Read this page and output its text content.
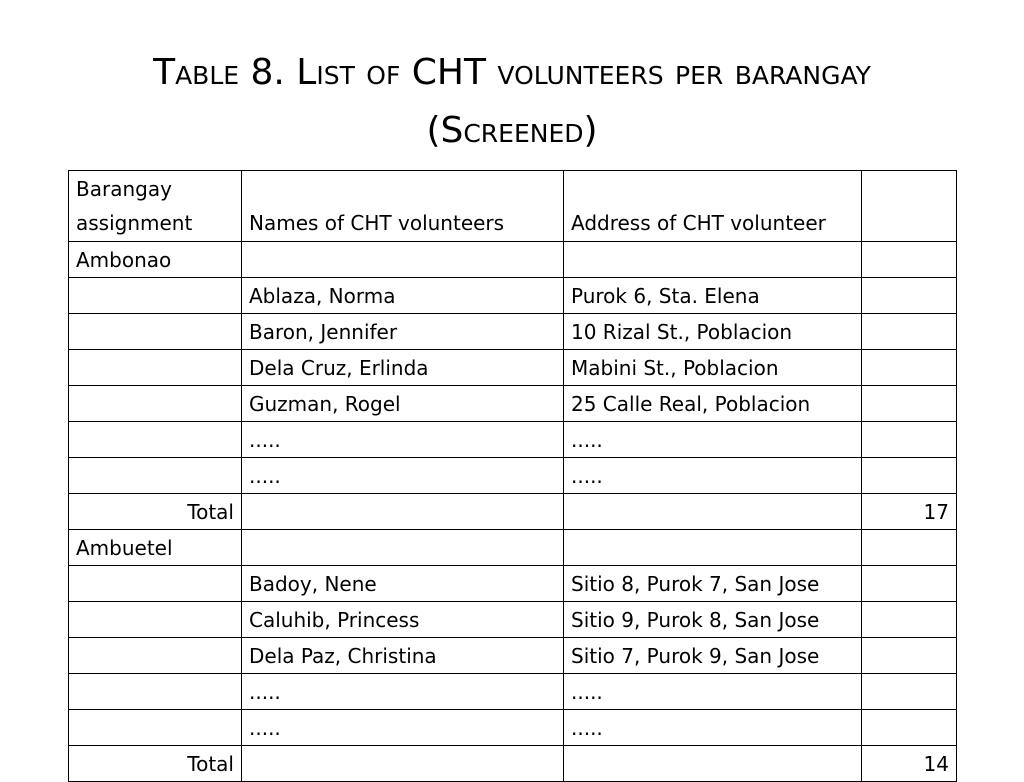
Table 8. List of CHT volunteers per barangay
(Screened)
Barangay assignment	Names of CHT volunteers	Address of CHT volunteer	
Ambonao			
	Ablaza, Norma	Purok 6, Sta. Elena	
	Baron, Jennifer	10 Rizal St., Poblacion	
	Dela Cruz, Erlinda	Mabini St., Poblacion	
	Guzman, Rogel	25 Calle Real, Poblacion	
	.....	.....	
	.....	.....	
Total			17
Ambuetel			
	Badoy, Nene	Sitio 8, Purok 7, San Jose	
	Caluhib, Princess	Sitio 9, Purok 8, San Jose	
	Dela Paz, Christina	Sitio 7, Purok 9, San Jose	
	.....	.....	
	.....	.....	
Total			14
